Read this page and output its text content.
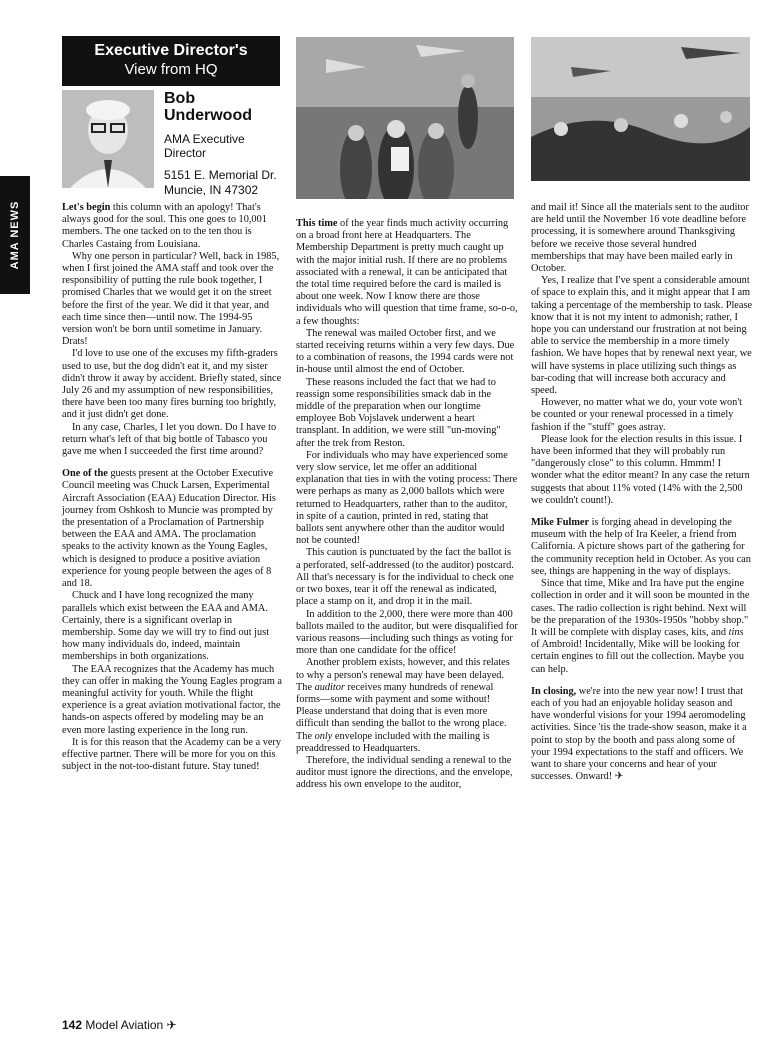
Executive Director's
View from HQ
Bob
Underwood
AMA Executive
Director
5151 E. Memorial Dr.
Muncie, IN 47302
AMA NEWS	Let's begin this column with an apology! That's always good for the soul. This one goes to 10,001 members. The one tacked on to the ten thou is Charles Castaing from Louisiana.

Why one person in particular? Well, back in 1985, when I first joined the AMA staff and took over the responsibility of putting the rule book together, I promised Charles that we would get it on the street before the first of the year. We did it that year, and each time since then—until now. The 1994-95 version won't be born until sometime in January. Drats!

I'd love to use one of the excuses my fifth-graders used to use, but the dog didn't eat it, and my sister didn't throw it away by accident. Briefly stated, since July 26 and my assumption of new responsibilities, there have been too many fires burning too brightly, and it just didn't get done.

In any case, Charles, I let you down. Do I have to return what's left of that big bottle of Tabasco you gave me when I succeeded the first time around?

One of the guests present at the October Executive Council meeting was Chuck Larsen, Experimental Aircraft Association (EAA) Education Director. His journey from Oshkosh to Muncie was prompted by the presentation of a Proclamation of Partnership between the EAA and AMA. The proclamation speaks to the activity known as the Young Eagles, which is designed to produce a positive aviation experience for young people between the ages of 8 and 18.

Chuck and I have long recognized the many parallels which exist between the EAA and AMA. Certainly, there is a significant overlap in membership. Some day we will try to find out just how many individuals do, indeed, maintain memberships in both organizations.

The EAA recognizes that the Academy has much they can offer in making the Young Eagles program a meaningful activity for youth. While the flight experience is a great aviation motivational factor, the hands-on aspects offered by modeling may be an even more lasting experience in the long run.

It is for this reason that the Academy can be a very effective partner. There will be more for you on this subject in the not-too-distant future. Stay tuned!

This time of the year finds much activity occurring on a broad front here at Headquarters. The Membership Department is pretty much caught up with the major initial rush. If there are no problems associated with a renewal, it can be anticipated that the total time required before the card is mailed is about one week. Now I know there are those individuals who will question that time frame, so-o-o, a few thoughts:

The renewal was mailed October first, and we started receiving returns within a very few days. Due to a combination of reasons, the 1994 cards were not in-house until almost the end of October.

These reasons included the fact that we had to reassign some responsibilities smack dab in the middle of the preparation when our longtime employee Bob Vojslavek underwent a heart transplant. In addition, we were still "un-moving" after the trek from Reston.

For individuals who may have experienced some very slow service, let me offer an additional explanation that ties in with the voting process: There were perhaps as many as 2,000 ballots which were returned to Headquarters, rather than to the auditor, in spite of a caution, printed in red, stating that ballots sent anywhere other than the auditor would not be counted!

This caution is punctuated by the fact the ballot is a perforated, self-addressed (to the auditor) postcard. All that's necessary is for the individual to check one or two boxes, tear it off the renewal as indicated, place a stamp on it, and drop it in the mail.

In addition to the 2,000, there were more than 400 ballots mailed to the auditor, but were disqualified for various reasons—including such things as voting for more than one candidate for the office!

Another problem exists, however, and this relates to why a person's renewal may have been delayed. The auditor receives many hundreds of renewal forms—some with payment and some without! Please understand that doing that is even more difficult than sending the ballot to the wrong place. The only envelope included with the mailing is preaddressed to Headquarters.

Therefore, the individual sending a renewal to the auditor must ignore the directions, and the envelope, address his own envelope to the auditor,

and mail it! Since all the materials sent to the auditor are held until the November 16 vote deadline before processing, it is somewhere around Thanksgiving before we receive those several hundred memberships that may have been mailed early in October.

Yes, I realize that I've spent a considerable amount of space to explain this, and it might appear that I am taking a percentage of the membership to task. Please know that it is not my intent to admonish; rather, I hope you can understand our frustration at not being able to service the membership in a more timely fashion. We have hopes that by renewal next year, we will have systems in place utilizing such things as bar-coding that will increase both accuracy and speed.

However, no matter what we do, your vote won't be counted or your renewal processed in a timely fashion if the "stuff" goes astray.

Please look for the election results in this issue. I have been informed that they will probably run "dangerously close" to this column. Hmmm! I wonder what the editor meant? In any case the return suggests that about 11% voted (14% with the 2,500 we couldn't count!).

Mike Fulmer is forging ahead in developing the museum with the help of Ira Keeler, a friend from California. A picture shows part of the gathering for the community reception held in October. As you can see, things are happening in the way of displays.

Since that time, Mike and Ira have put the engine collection in order and it will soon be mounted in the cases. The radio collection is right behind. Next will be the preparation of the 1930s-1950s "hobby shop." It will be complete with display cases, kits, and tins of Ambroid! Incidentally, Mike will be looking for certain engines to fill out the collection. Maybe you can help.

In closing, we're into the new year now! I trust that each of you had an enjoyable holiday season and have wonderful visions for your 1994 aeromodeling activities. Since 'tis the trade-show season, make it a point to stop by the booth and pass along some of your 1994 expectations to the staff and officers. We want to share your concerns and hear of your successes. Onward! ✈

142 Model Aviation ✈
